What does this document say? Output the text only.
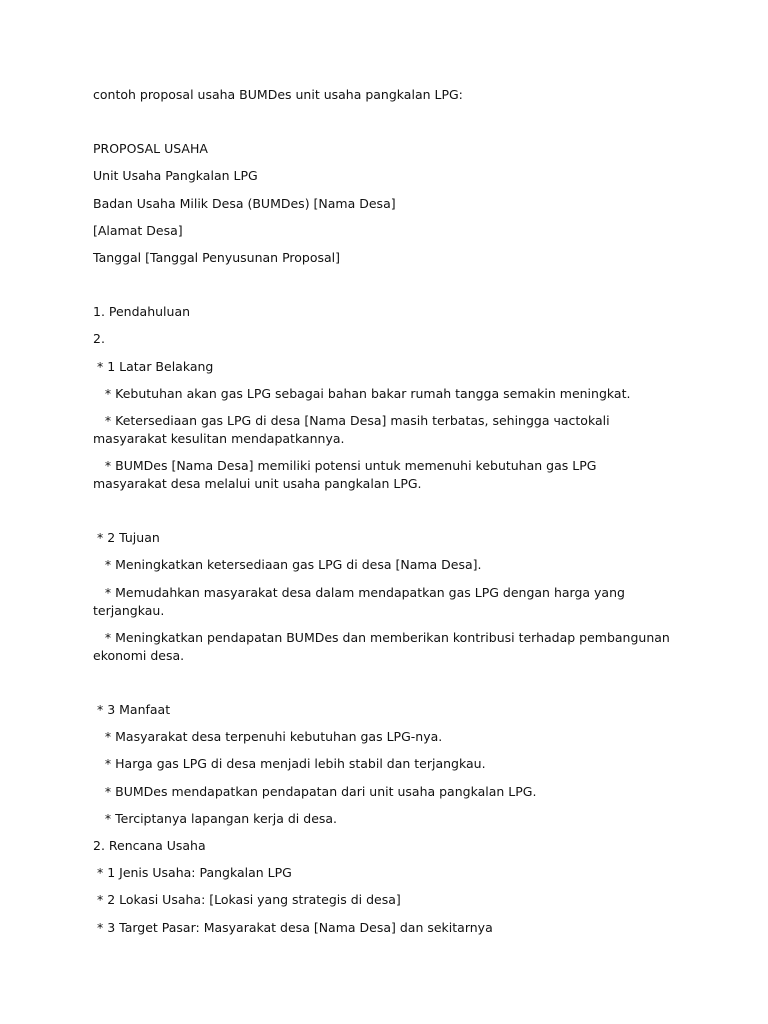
contoh proposal usaha BUMDes unit usaha pangkalan LPG:

PROPOSAL USAHA

Unit Usaha Pangkalan LPG

Badan Usaha Milik Desa (BUMDes) [Nama Desa]

[Alamat Desa]

Tanggal [Tanggal Penyusunan Proposal]

1. Pendahuluan

2.

* 1 Latar Belakang

* Kebutuhan akan gas LPG sebagai bahan bakar rumah tangga semakin meningkat.

* Ketersediaan gas LPG di desa [Nama Desa] masih terbatas, sehingga часtokali masyarakat kesulitan mendapatkannya.

* BUMDes [Nama Desa] memiliki potensi untuk memenuhi kebutuhan gas LPG masyarakat desa melalui unit usaha pangkalan LPG.

* 2 Tujuan

* Meningkatkan ketersediaan gas LPG di desa [Nama Desa].

* Memudahkan masyarakat desa dalam mendapatkan gas LPG dengan harga yang terjangkau.

* Meningkatkan pendapatan BUMDes dan memberikan kontribusi terhadap pembangunan ekonomi desa.

* 3 Manfaat

* Masyarakat desa terpenuhi kebutuhan gas LPG-nya.

* Harga gas LPG di desa menjadi lebih stabil dan terjangkau.

* BUMDes mendapatkan pendapatan dari unit usaha pangkalan LPG.

* Terciptanya lapangan kerja di desa.

2. Rencana Usaha

* 1 Jenis Usaha: Pangkalan LPG

* 2 Lokasi Usaha: [Lokasi yang strategis di desa]

* 3 Target Pasar: Masyarakat desa [Nama Desa] dan sekitarnya
